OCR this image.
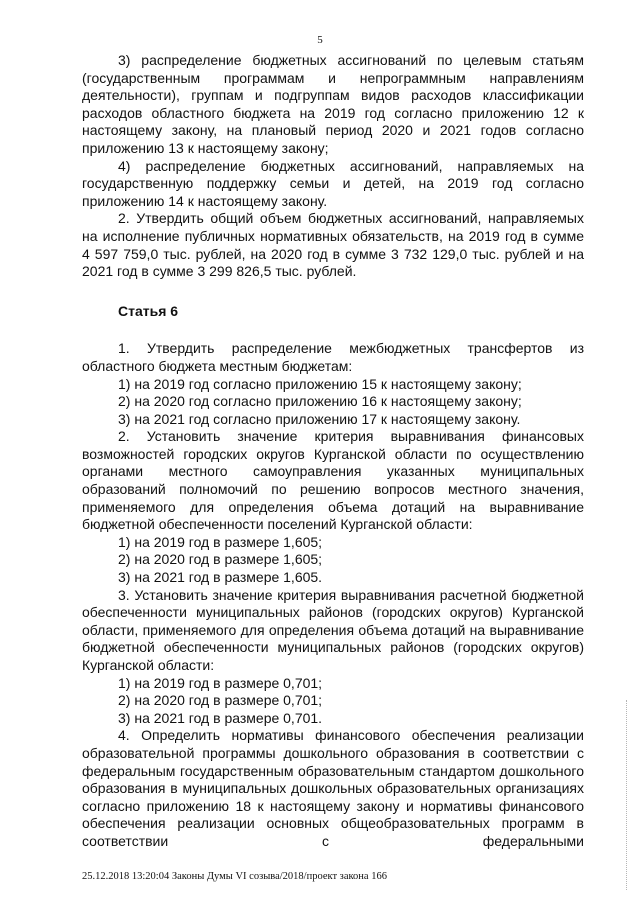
5

3) распределение бюджетных ассигнований по целевым статьям (государственным программам и непрограммным направлениям деятельности), группам и подгруппам видов расходов классификации расходов областного бюджета на 2019 год согласно приложению 12 к настоящему закону, на плановый период 2020 и 2021 годов согласно приложению 13 к настоящему закону;

4) распределение бюджетных ассигнований, направляемых на государственную поддержку семьи и детей, на 2019 год согласно приложению 14 к настоящему закону.

2. Утвердить общий объем бюджетных ассигнований, направляемых на исполнение публичных нормативных обязательств, на 2019 год в сумме 4 597 759,0 тыс. рублей, на 2020 год в сумме 3 732 129,0 тыс. рублей и на 2021 год в сумме 3 299 826,5 тыс. рублей.

Статья 6

1. Утвердить распределение межбюджетных трансфертов из областного бюджета местным бюджетам:

1) на 2019 год согласно приложению 15 к настоящему закону;

2) на 2020 год согласно приложению 16 к настоящему закону;

3) на 2021 год согласно приложению 17 к настоящему закону.

2. Установить значение критерия выравнивания финансовых возможностей городских округов Курганской области по осуществлению органами местного самоуправления указанных муниципальных образований полномочий по решению вопросов местного значения, применяемого для определения объема дотаций на выравнивание бюджетной обеспеченности поселений Курганской области:

1) на 2019 год в размере 1,605;

2) на 2020 год в размере 1,605;

3) на 2021 год в размере 1,605.

3. Установить значение критерия выравнивания расчетной бюджетной обеспеченности муниципальных районов (городских округов) Курганской области, применяемого для определения объема дотаций на выравнивание бюджетной обеспеченности муниципальных районов (городских округов) Курганской области:

1) на 2019 год в размере 0,701;

2) на 2020 год в размере 0,701;

3) на 2021 год в размере 0,701.

4. Определить нормативы финансового обеспечения реализации образовательной программы дошкольного образования в соответствии с федеральным государственным образовательным стандартом дошкольного образования в муниципальных дошкольных образовательных организациях согласно приложению 18 к настоящему закону и нормативы финансового обеспечения реализации основных общеобразовательных программ в соответствии с федеральными

25.12.2018 13:20:04 Законы Думы VI созыва/2018/проект закона 166
